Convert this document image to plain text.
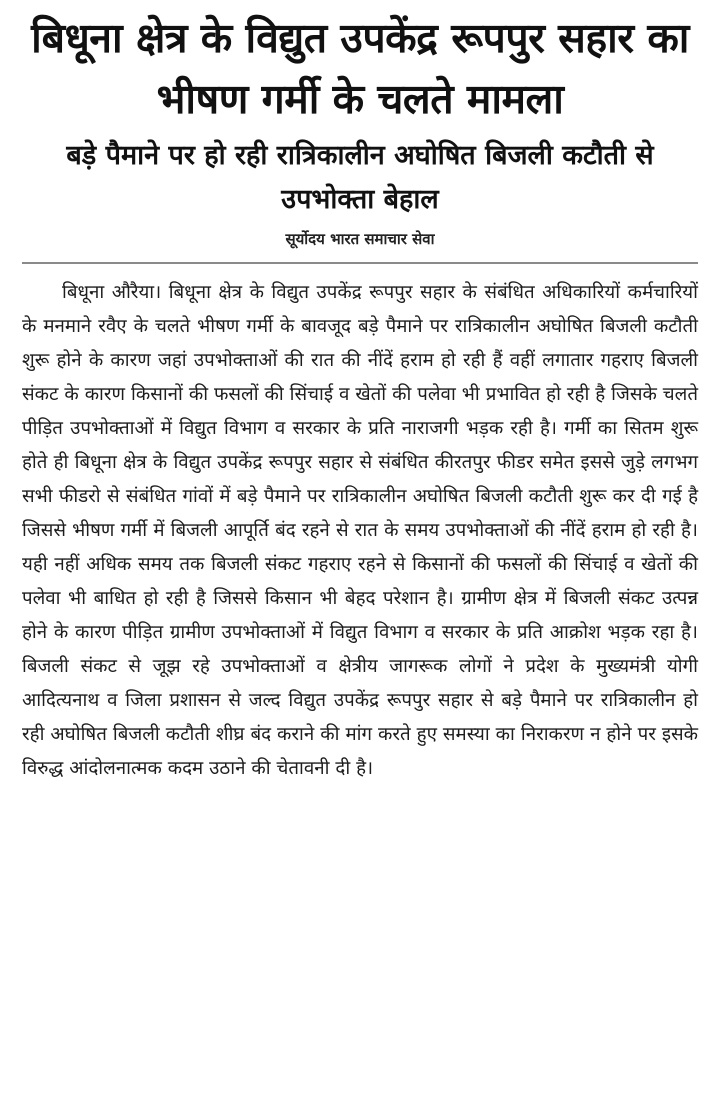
बिधूना क्षेत्र के विद्युत उपकेंद्र रूपपुर सहार का भीषण गर्मी के चलते मामला
बड़े पैमाने पर हो रही रात्रिकालीन अघोषित बिजली कटौती से उपभोक्ता बेहाल
सूर्योदय भारत समाचार सेवा

बिधूना औरैया। बिधूना क्षेत्र के विद्युत उपकेंद्र रूपपुर सहार के संबंधित अधिकारियों कर्मचारियों के मनमाने रवैए के चलते भीषण गर्मी के बावजूद बड़े पैमाने पर रात्रिकालीन अघोषित बिजली कटौती शुरू होने के कारण जहां उपभोक्ताओं की रात की नींदें हराम हो रही हैं वहीं लगातार गहराए बिजली संकट के कारण किसानों की फसलों की सिंचाई व खेतों की पलेवा भी प्रभावित हो रही है जिसके चलते पीड़ित उपभोक्ताओं में विद्युत विभाग व सरकार के प्रति नाराजगी भड़क रही है। गर्मी का सितम शुरू होते ही बिधूना क्षेत्र के विद्युत उपकेंद्र रूपपुर सहार से संबंधित कीरतपुर फीडर समेत इससे जुड़े लगभग सभी फीडरो से संबंधित गांवों में बड़े पैमाने पर रात्रिकालीन अघोषित बिजली कटौती शुरू कर दी गई है जिससे भीषण गर्मी में बिजली आपूर्ति बंद रहने से रात के समय उपभोक्ताओं की नींदें हराम हो रही है। यही नहीं अधिक समय तक बिजली संकट गहराए रहने से किसानों की फसलों की सिंचाई व खेतों की पलेवा भी बाधित हो रही है जिससे किसान भी बेहद परेशान है। ग्रामीण क्षेत्र में बिजली संकट उत्पन्न होने के कारण पीड़ित ग्रामीण उपभोक्ताओं में विद्युत विभाग व सरकार के प्रति आक्रोश भड़क रहा है। बिजली संकट से जूझ रहे उपभोक्ताओं व क्षेत्रीय जागरूक लोगों ने प्रदेश के मुख्यमंत्री योगी आदित्यनाथ व जिला प्रशासन से जल्द विद्युत उपकेंद्र रूपपुर सहार से बड़े पैमाने पर रात्रिकालीन हो रही अघोषित बिजली कटौती शीघ्र बंद कराने की मांग करते हुए समस्या का निराकरण न होने पर इसके विरुद्ध आंदोलनात्मक कदम उठाने की चेतावनी दी है।
